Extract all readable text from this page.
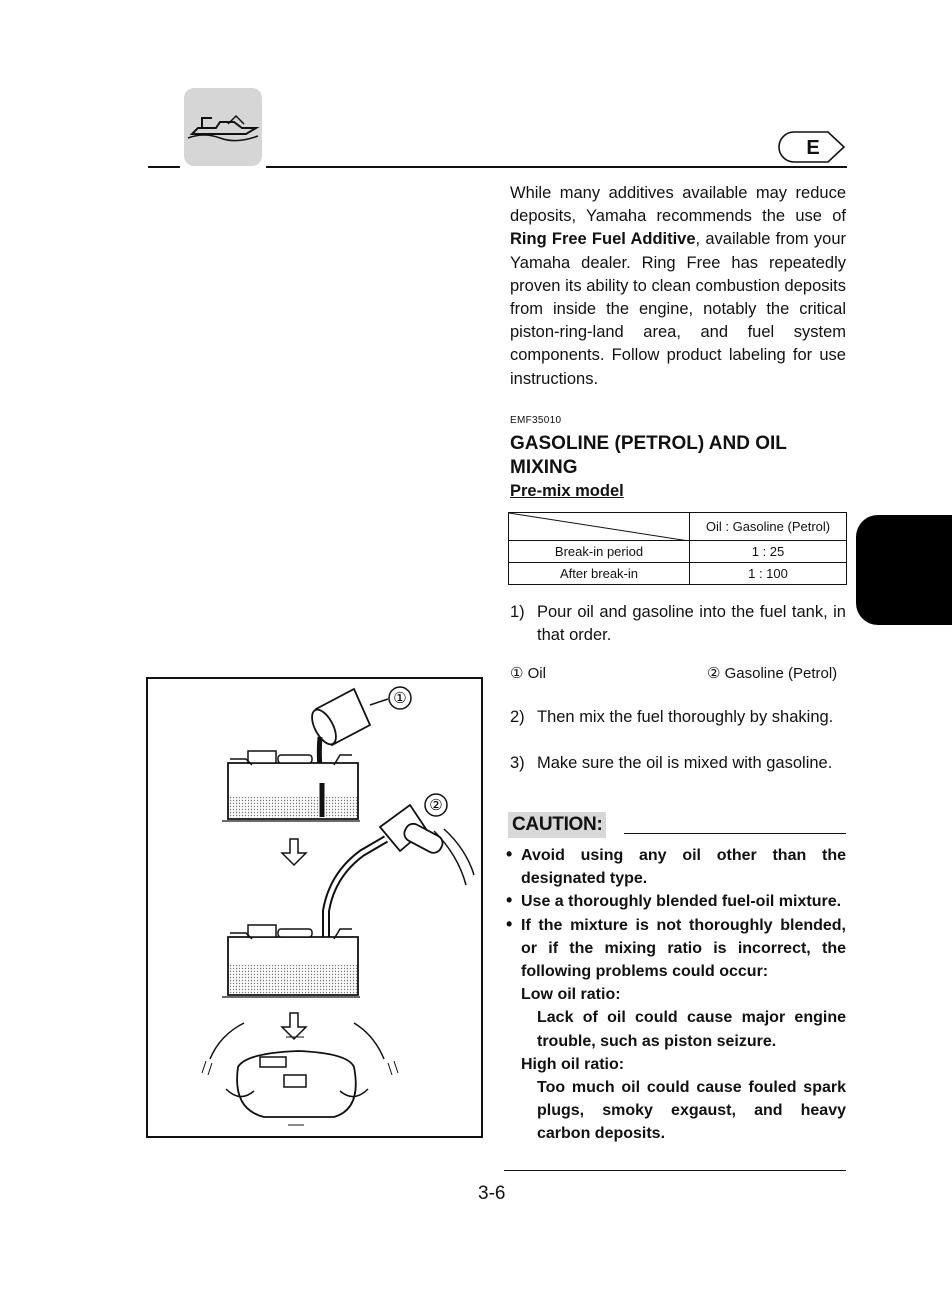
E
While many additives available may reduce deposits, Yamaha recommends the use of Ring Free Fuel Additive, available from your Yamaha dealer. Ring Free has repeatedly proven its ability to clean combustion deposits from inside the engine, notably the critical piston-ring-land area, and fuel system components. Follow product labeling for use instructions.
EMF35010
GASOLINE (PETROL) AND OIL MIXING
Pre-mix model
	Oil : Gasoline (Petrol)
Break-in period	1 : 25
After break-in	1 : 100
1) Pour oil and gasoline into the fuel tank, in that order.
① Oil	② Gasoline (Petrol)
2) Then mix the fuel thoroughly by shaking.
3) Make sure the oil is mixed with gasoline.
CAUTION:
• Avoid using any oil other than the designated type.
• Use a thoroughly blended fuel-oil mixture.
• If the mixture is not thoroughly blended, or if the mixing ratio is incorrect, the following problems could occur:
Low oil ratio:
Lack of oil could cause major engine trouble, such as piston seizure.
High oil ratio:
Too much oil could cause fouled spark plugs, smoky exgaust, and heavy carbon deposits.
①
②
3-6
